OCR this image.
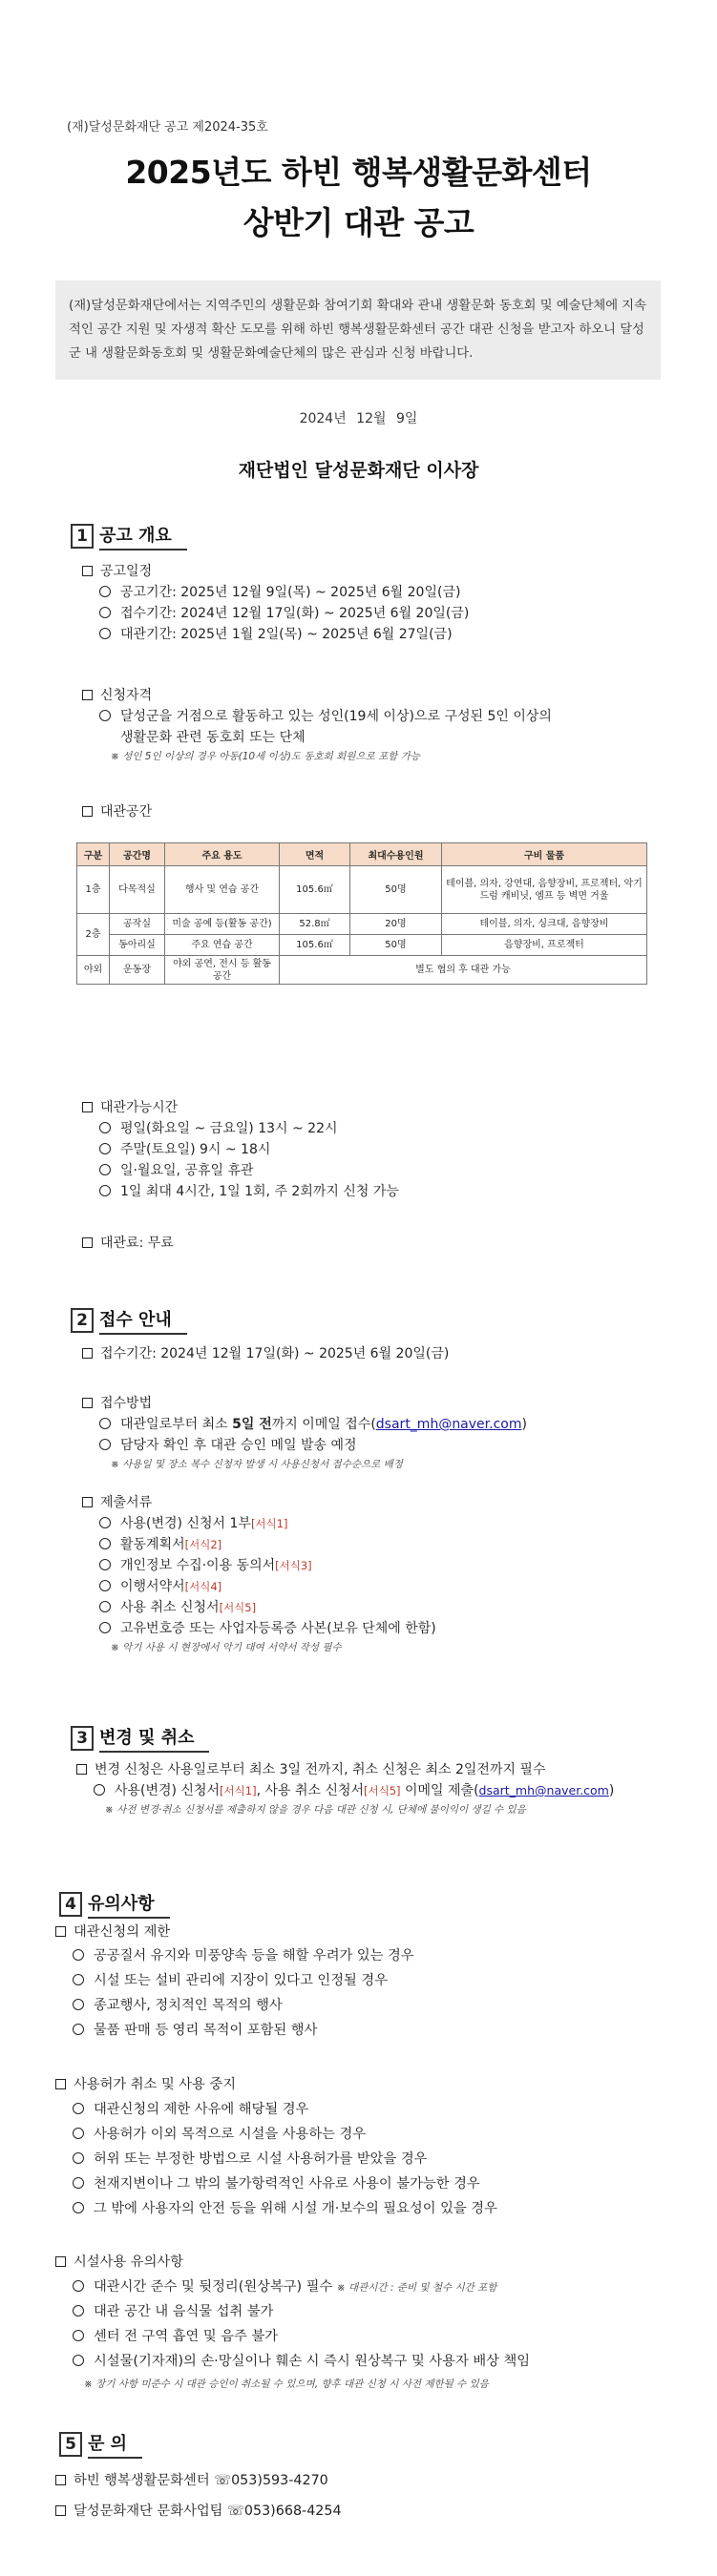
(재)달성문화재단 공고 제2024-35호
2025년도 하빈 행복생활문화센터
상반기 대관 공고
(재)달성문화재단에서는 지역주민의 생활문화 참여기회 확대와 관내 생활문화 동호회 및 예술단체에 지속적인 공간 지원 및 자생적 확산 도모를 위해 하빈 행복생활문화센터 공간 대관 신청을 받고자 하오니 달성군 내 생활문화동호회 및 생활문화예술단체의 많은 관심과 신청 바랍니다.
2024년 12월 9일
재단법인 달성문화재단 이사장
1 공고 개요
공고일정
공고기간: 2025년 12월 9일(목) ~ 2025년 6월 20일(금)
접수기간: 2024년 12월 17일(화) ~ 2025년 6월 20일(금)
대관기간: 2025년 1월 2일(목) ~ 2025년 6월 27일(금)
신청자격
달성군을 거점으로 활동하고 있는 성인(19세 이상)으로 구성된 5인 이상의
생활문화 관련 동호회 또는 단체
※ 성인 5인 이상의 경우 아동(10세 이상)도 동호회 회원으로 포함 가능
대관공간
구분	공간명	주요 용도	면적	최대수용인원	구비 물품
1층	다목적실	행사 및 연습 공간	105.6㎡	50명	테이블, 의자, 강연대, 음향장비, 프로젝터, 악기드럼 캐비닛, 엠프 등 벽면 거울
2층	공작실	미술 공예 등(활동 공간)	52.8㎡	20명	테이블, 의자, 싱크대, 음향장비
	동아리실	주요 연습 공간	105.6㎡	50명	음향장비, 프로젝터
야외	운동장	야외 공연, 전시 등 활동 공간	별도 협의 후 대관 가능		
대관가능시간
평일(화요일 ~ 금요일) 13시 ~ 22시
주말(토요일) 9시 ~ 18시
일·월요일, 공휴일 휴관
1일 최대 4시간, 1일 1회, 주 2회까지 신청 가능
대관료: 무료
2 접수 안내
접수기간: 2024년 12월 17일(화) ~ 2025년 6월 20일(금)
접수방법
대관일로부터 최소 5일 전까지 이메일 접수(dsart_mh@naver.com)
담당자 확인 후 대관 승인 메일 발송 예정
※ 사용일 및 장소 복수 신청자 발생 시 사용신청서 접수순으로 배정
제출서류
사용(변경) 신청서 1부[서식1]
활동계획서[서식2]
개인정보 수집·이용 동의서[서식3]
이행서약서[서식4]
사용 취소 신청서[서식5]
고유번호증 또는 사업자등록증 사본(보유 단체에 한함)
※ 악기 사용 시 현장에서 악기 대여 서약서 작성 필수
3 변경 및 취소
변경 신청은 사용일로부터 최소 3일 전까지, 취소 신청은 최소 2일전까지 필수
사용(변경) 신청서[서식1], 사용 취소 신청서[서식5] 이메일 제출(dsart_mh@naver.com)
※ 사전 변경·취소 신청서를 제출하지 않을 경우 다음 대관 신청 시, 단체에 불이익이 생길 수 있음
4 유의사항
대관신청의 제한
공공질서 유지와 미풍양속 등을 해할 우려가 있는 경우
시설 또는 설비 관리에 지장이 있다고 인정될 경우
종교행사, 정치적인 목적의 행사
물품 판매 등 영리 목적이 포함된 행사
사용허가 취소 및 사용 중지
대관신청의 제한 사유에 해당될 경우
사용허가 이외 목적으로 시설을 사용하는 경우
허위 또는 부정한 방법으로 시설 사용허가를 받았을 경우
천재지변이나 그 밖의 불가항력적인 사유로 사용이 불가능한 경우
그 밖에 사용자의 안전 등을 위해 시설 개·보수의 필요성이 있을 경우
시설사용 유의사항
대관시간 준수 및 뒷정리(원상복구) 필수 ※ 대관시간 : 준비 및 철수 시간 포함
대관 공간 내 음식물 섭취 불가
센터 전 구역 흡연 및 음주 불가
시설물(기자재)의 손·망실이나 훼손 시 즉시 원상복구 및 사용자 배상 책임
※ 장기 사항 미준수 시 대관 승인이 취소될 수 있으며, 향후 대관 신청 시 사전 제한될 수 있음
5 문 의
하빈 행복생활문화센터 ☏053)593-4270
달성문화재단 문화사업팀 ☏053)668-4254
